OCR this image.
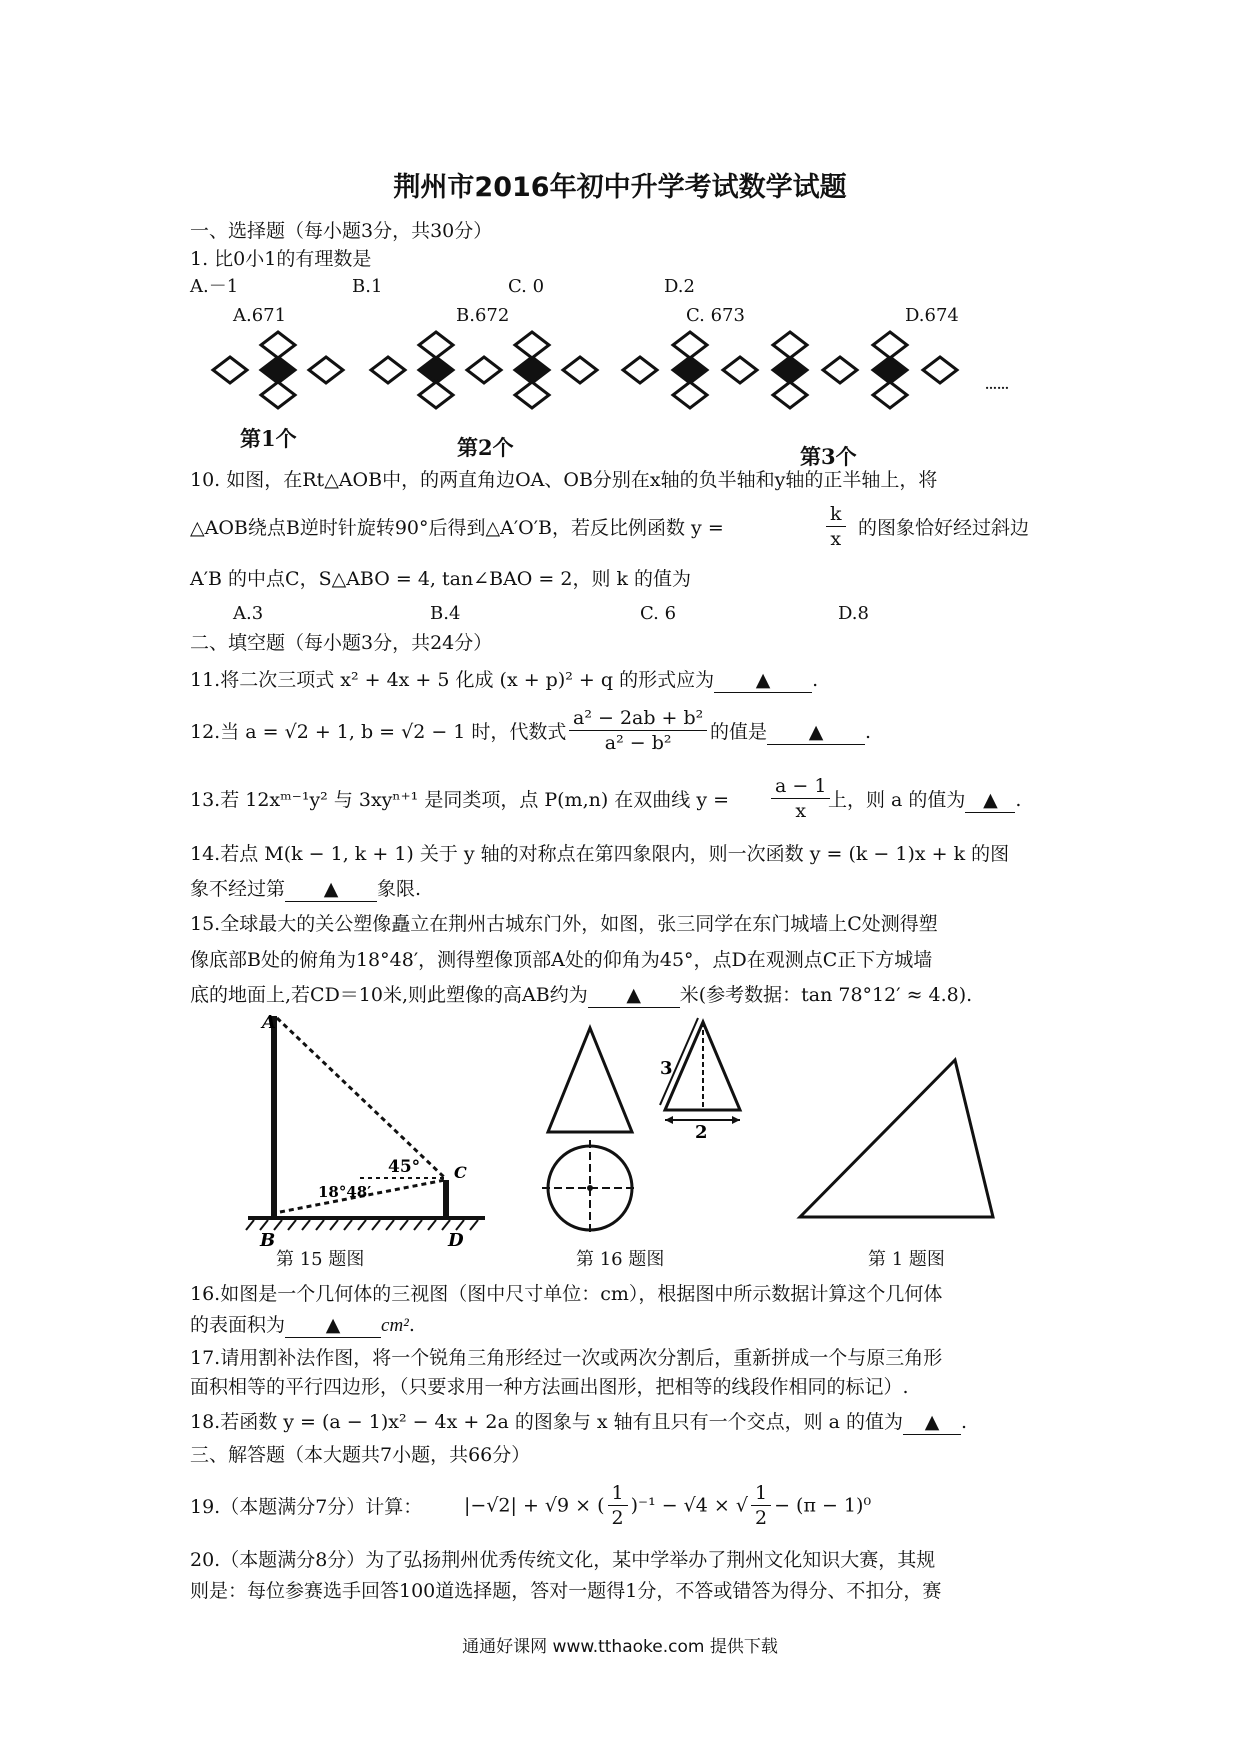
荆州市2016年初中升学考试数学试题
一、选择题（每小题3分，共30分）
1. 比0小1的有理数是
A.－1	B.1	C. 0	D.2
A.671	B.672	C. 673	D.674
……
第1个	第2个	第3个
10. 如图，在Rt△AOB中，的两直角边OA、OB分别在x轴的负半轴和y轴的正半轴上，将
△AOB绕点B逆时针旋转90°后得到△A′O′B，若反比例函数 y =	$\frac{k}{x}$ 的图象恰好经过斜边
A′B 的中点C，S△ABO = 4, tan∠BAO = 2，则 k 的值为
A.3	B.4	C. 6	D.8
二、填空题（每小题3分，共24分）
11.将二次三项式 x² + 4x + 5 化成 (x + p)² + q 的形式应为 ▲ .
12.当 a = √2 + 1, b = √2 − 1 时，代数式 $\frac{\text{a² − 2ab + b²}}{\text{a² − b²}}$ 的值是 ▲ .
13.若 12xᵐ⁻¹y² 与 3xyⁿ⁺¹ 是同类项，点 P(m,n) 在双曲线 $y = \frac{a - 1}{x}$
上，则 a 的值为 ▲ .
14.若点 M(k − 1, k + 1) 关于 y 轴的对称点在第四象限内，则一次函数 y = (k − 1)x + k 的图
象不经过第 ▲ 象限.
15.全球最大的关公塑像矗立在荆州古城东门外，如图，张三同学在东门城墙上C处测得塑
像底部B处的俯角为18°48′，测得塑像顶部A处的仰角为45°，点D在观测点C正下方城墙
底的地面上,若CD＝10米,则此塑像的高AB约为 ▲ 米(参考数据：tan 78°12′ ≈ 4.8).
A
B
C
D
45°
18°48′
3
2
第 15 题图	第 16 题图	第 1 题图
16.如图是一个几何体的三视图（图中尺寸单位：cm），根据图中所示数据计算这个几何体
的表面积为 ▲ cm².
17.请用割补法作图，将一个锐角三角形经过一次或两次分割后，重新拼成一个与原三角形
面积相等的平行四边形，（只要求用一种方法画出图形，把相等的线段作相同的标记）.
18.若函数 y = (a − 1)x² − 4x + 2a 的图象与 x 轴有且只有一个交点，则 a 的值为 ▲ .
三、解答题（本大题共7小题，共66分）
19.（本题满分7分）计算： |−√2| + √9 × ( $\frac{1}{2} )^{-1} - √4$ × √ $\frac{1}{2} - (\pi - 1)^0$
20.（本题满分8分）为了弘扬荆州优秀传统文化，某中学举办了荆州文化知识大赛，其规
则是：每位参赛选手回答100道选择题，答对一题得1分，不答或错答为得分、不扣分，赛
通通好课网 www.tthaoke.com 提供下载
